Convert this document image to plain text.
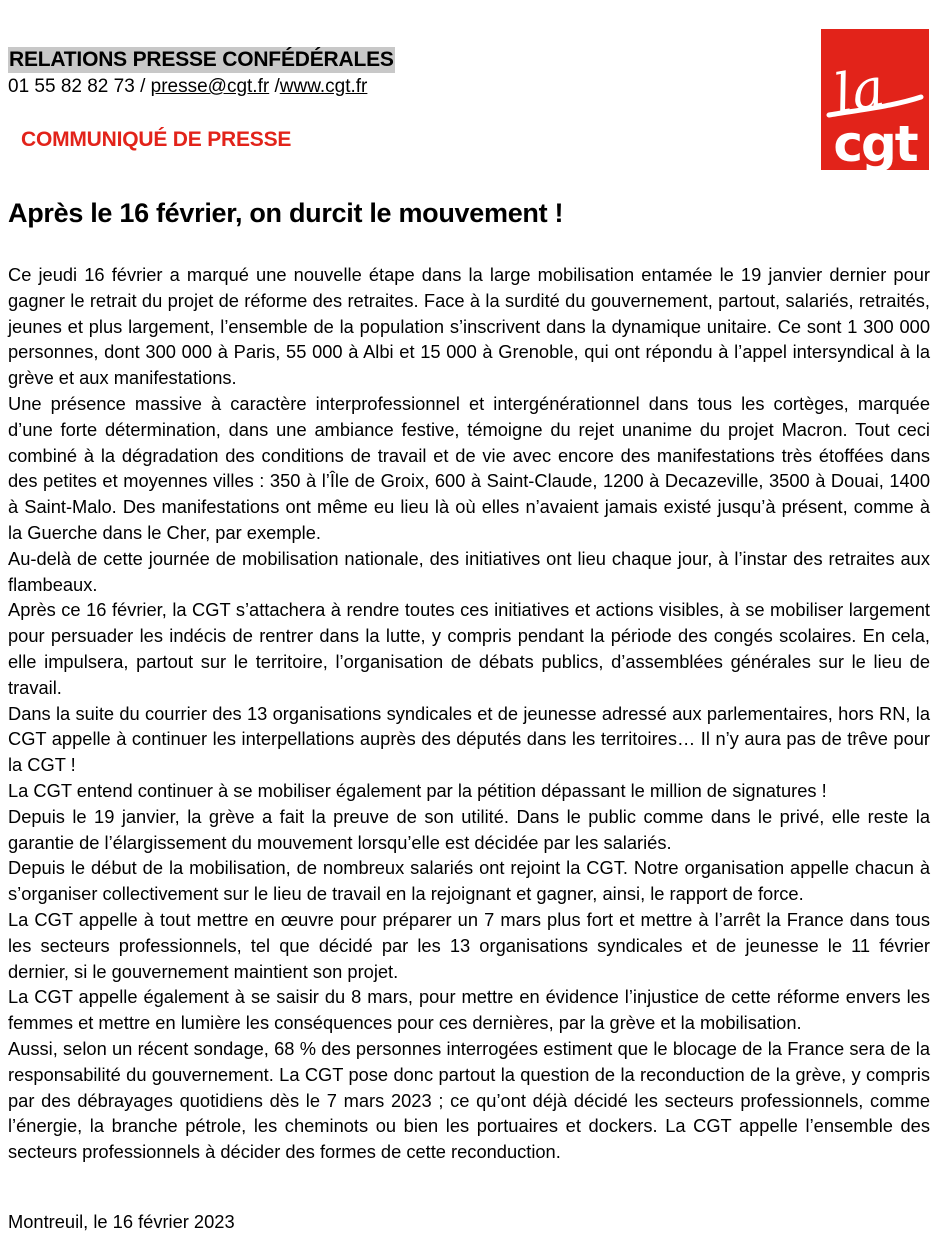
RELATIONS PRESSE CONFÉDÉRALES
01 55 82 82 73 / presse@cgt.fr /www.cgt.fr
COMMUNIQUÉ DE PRESSE
la
cgt
Après le 16 février, on durcit le mouvement !

Ce jeudi 16 février a marqué une nouvelle étape dans la large mobilisation entamée le 19 janvier dernier pour gagner le retrait du projet de réforme des retraites. Face à la surdité du gouvernement, partout, salariés, retraités, jeunes et plus largement, l’ensemble de la population s’inscrivent dans la dynamique unitaire. Ce sont 1 300 000 personnes, dont 300 000 à Paris, 55 000 à Albi et 15 000 à Grenoble, qui ont répondu à l’appel intersyndical à la grève et aux manifestations.

Une présence massive à caractère interprofessionnel et intergénérationnel dans tous les cortèges, marquée d’une forte détermination, dans une ambiance festive, témoigne du rejet unanime du projet Macron. Tout ceci combiné à la dégradation des conditions de travail et de vie avec encore des manifestations très étoffées dans des petites et moyennes villes : 350 à l’Île de Groix, 600 à Saint-Claude, 1200 à Decazeville, 3500 à Douai, 1400 à Saint-Malo. Des manifestations ont même eu lieu là où elles n’avaient jamais existé jusqu’à présent, comme à la Guerche dans le Cher, par exemple.

Au-delà de cette journée de mobilisation nationale, des initiatives ont lieu chaque jour, à l’instar des retraites aux flambeaux.

Après ce 16 février, la CGT s’attachera à rendre toutes ces initiatives et actions visibles, à se mobiliser largement pour persuader les indécis de rentrer dans la lutte, y compris pendant la période des congés scolaires. En cela, elle impulsera, partout sur le territoire, l’organisation de débats publics, d’assemblées générales sur le lieu de travail.

Dans la suite du courrier des 13 organisations syndicales et de jeunesse adressé aux parlementaires, hors RN, la CGT appelle à continuer les interpellations auprès des députés dans les territoires… Il n’y aura pas de trêve pour la CGT !

La CGT entend continuer à se mobiliser également par la pétition dépassant le million de signatures !

Depuis le 19 janvier, la grève a fait la preuve de son utilité. Dans le public comme dans le privé, elle reste la garantie de l’élargissement du mouvement lorsqu’elle est décidée par les salariés.

Depuis le début de la mobilisation, de nombreux salariés ont rejoint la CGT. Notre organisation appelle chacun à s’organiser collectivement sur le lieu de travail en la rejoignant et gagner, ainsi, le rapport de force.

La CGT appelle à tout mettre en œuvre pour préparer un 7 mars plus fort et mettre à l’arrêt la France dans tous les secteurs professionnels, tel que décidé par les 13 organisations syndicales et de jeunesse le 11 février dernier, si le gouvernement maintient son projet.

La CGT appelle également à se saisir du 8 mars, pour mettre en évidence l’injustice de cette réforme envers les femmes et mettre en lumière les conséquences pour ces dernières, par la grève et la mobilisation.

Aussi, selon un récent sondage, 68 % des personnes interrogées estiment que le blocage de la France sera de la responsabilité du gouvernement. La CGT pose donc partout la question de la reconduction de la grève, y compris par des débrayages quotidiens dès le 7 mars 2023 ; ce qu’ont déjà décidé les secteurs professionnels, comme l’énergie, la branche pétrole, les cheminots ou bien les portuaires et dockers. La CGT appelle l’ensemble des secteurs professionnels à décider des formes de cette reconduction.

Montreuil, le 16 février 2023
